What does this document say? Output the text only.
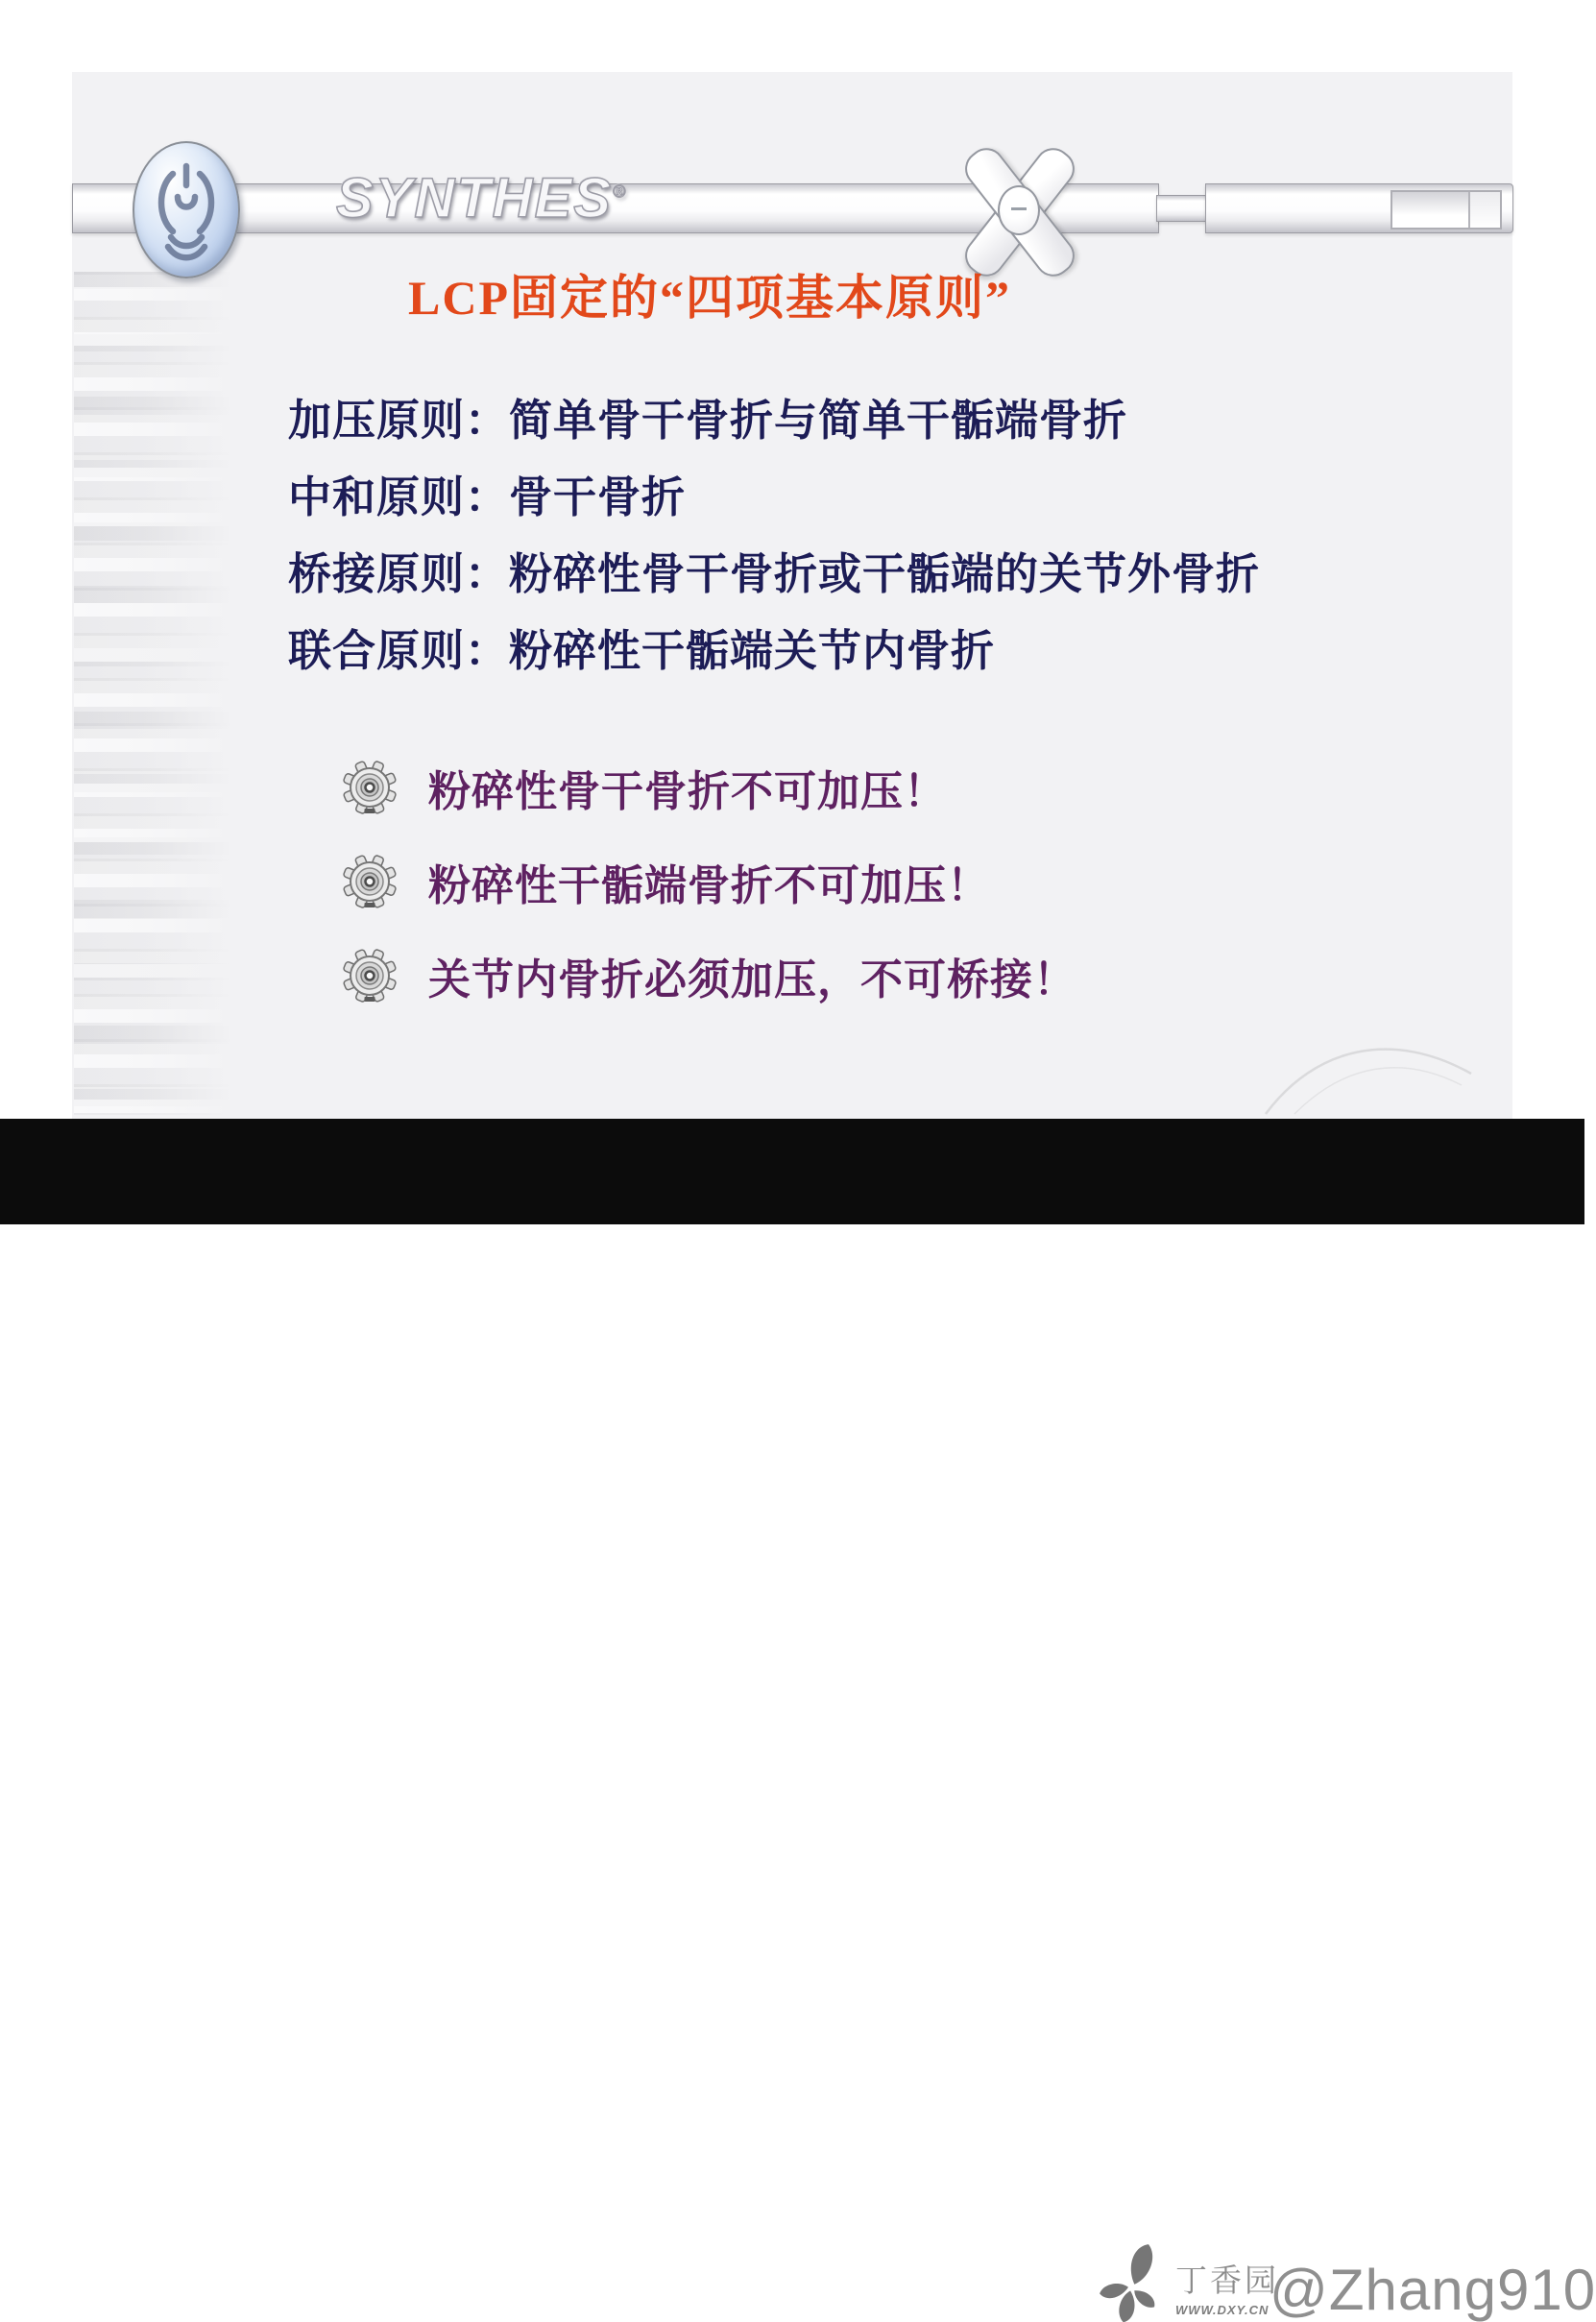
SYNTHES®
LCP固定的“四项基本原则”
加压原则：简单骨干骨折与简单干骺端骨折
中和原则：骨干骨折
桥接原则：粉碎性骨干骨折或干骺端的关节外骨折
联合原则：粉碎性干骺端关节内骨折
粉碎性骨干骨折不可加压！
粉碎性干骺端骨折不可加压！
关节内骨折必须加压，不可桥接！
丁香园
WWW.DXY.CN @Zhang910
